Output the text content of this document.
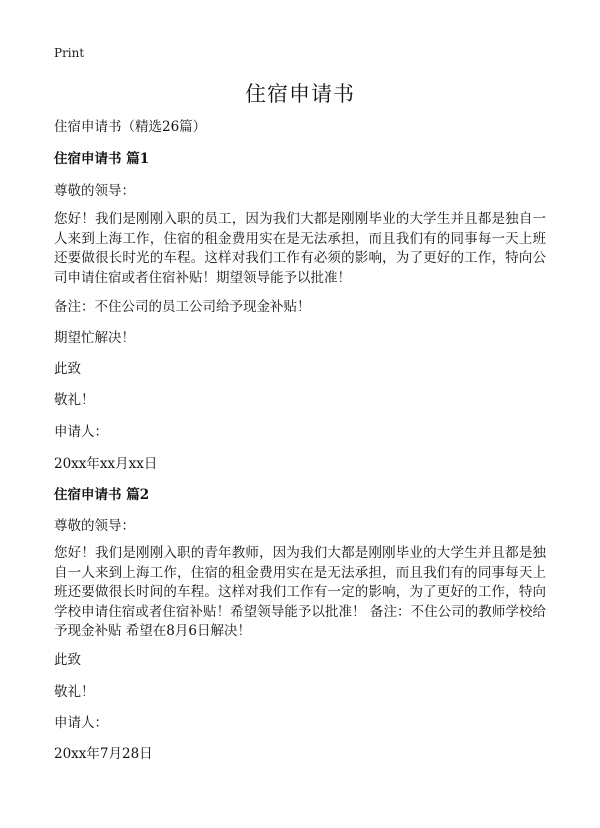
Print
住宿申请书
住宿申请书（精选26篇）
住宿申请书 篇1
尊敬的领导：
您好！我们是刚刚入职的员工，因为我们大都是刚刚毕业的大学生并且都是独自一人来到上海工作，住宿的租金费用实在是无法承担，而且我们有的同事每一天上班还要做很长时光的车程。这样对我们工作有必须的影响，为了更好的工作，特向公司申请住宿或者住宿补贴！期望领导能予以批准！
备注：不住公司的员工公司给予现金补贴！
期望忙解决！
此致
敬礼！
申请人：
20xx年xx月xx日
住宿申请书 篇2
尊敬的领导：
您好！我们是刚刚入职的青年教师，因为我们大都是刚刚毕业的大学生并且都是独自一人来到上海工作，住宿的租金费用实在是无法承担，而且我们有的同事每天上班还要做很长时间的车程。这样对我们工作有一定的影响，为了更好的工作，特向学校申请住宿或者住宿补贴！希望领导能予以批准！ 备注：不住公司的教师学校给予现金补贴 希望在8月6日解决！
此致
敬礼！
申请人：
20xx年7月28日
